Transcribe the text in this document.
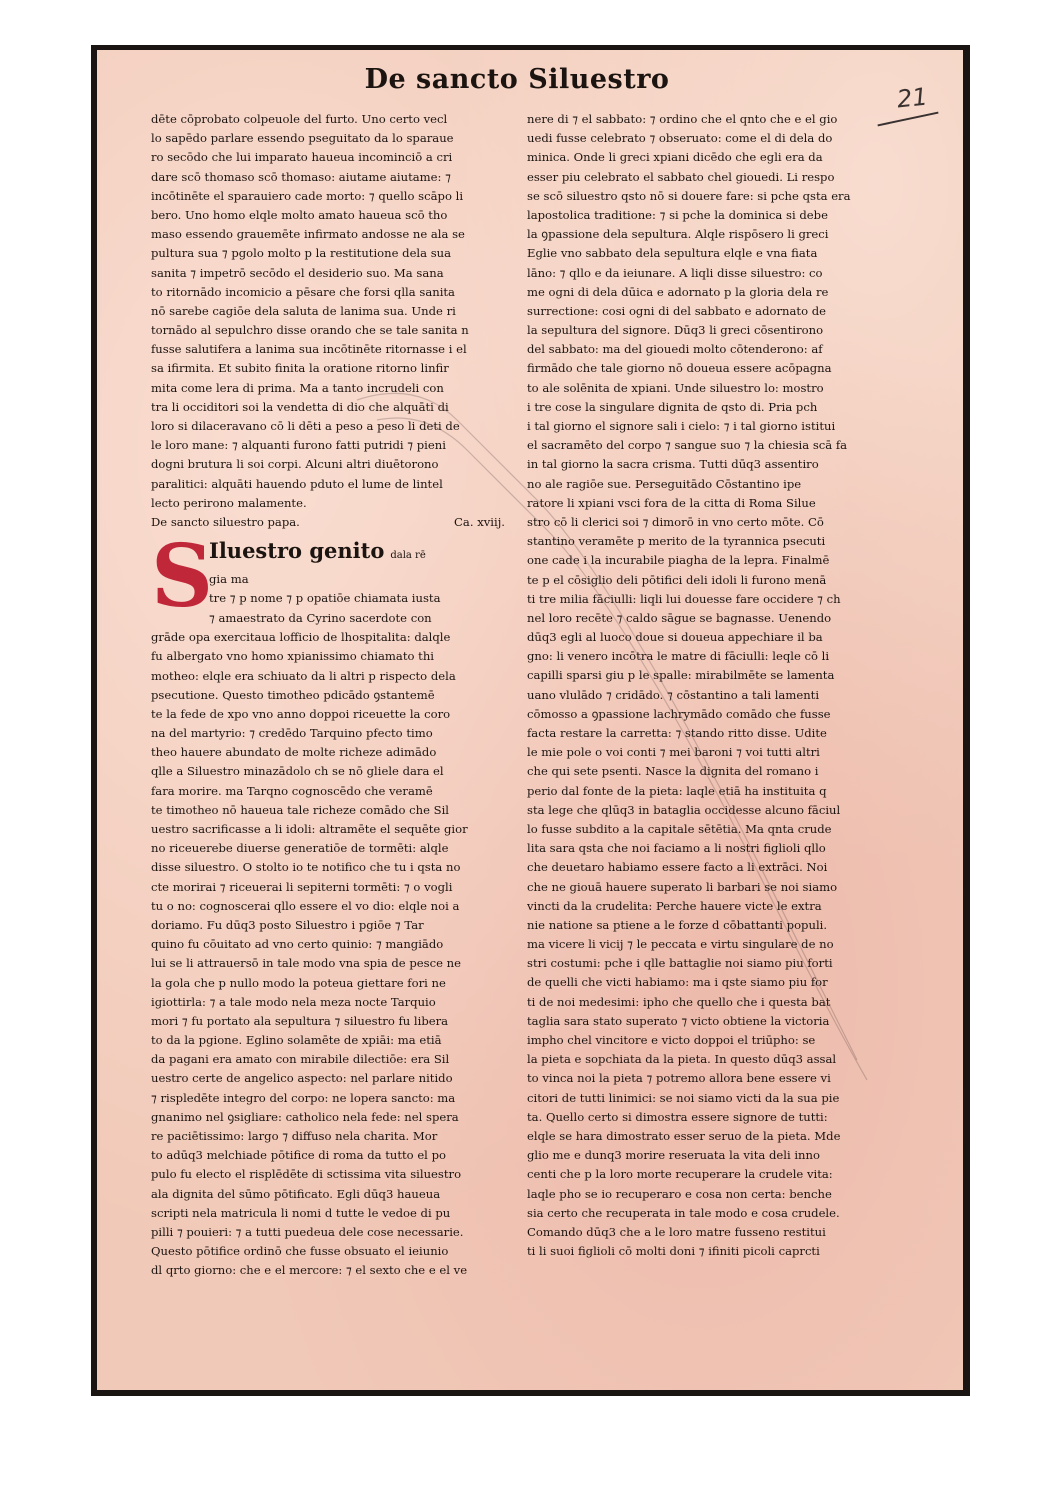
De sancto Siluestro
21
dēte cōprobato colpeuole del furto. Uno certo vecl
lo sapēdo parlare essendo pseguitato da lo sparaue
ro secōdo che lui imparato haueua incominciō a cri
dare scō thomaso scō thomaso: aiutame aiutame: ⁊
incōtinēte el sparauiero cade morto: ⁊ quello scāpo li
bero. Uno homo elqle molto amato haueua scō tho
maso essendo grauemēte infirmato andosse ne ala se
pultura sua ⁊ pgolo molto p la restitutione dela sua
sanita ⁊ impetrō secōdo el desiderio suo. Ma sana
to ritornādo incomicio a pēsare che forsi qlla sanita
nō sarebe cagiōe dela saluta de lanima sua. Unde ri
tornādo al sepulchro disse orando che se tale sanita n
fusse salutifera a lanima sua incōtinēte ritornasse i el
sa ifirmita. Et subito finita la oratione ritorno linfir
mita come lera di prima. Ma a tanto incrudeli con
tra li occiditori soi la vendetta di dio che alquāti di
loro si dilaceravano cō li dēti a peso a peso li deti de
le loro mane: ⁊ alquanti furono fatti putridi ⁊ pieni
dogni brutura li soi corpi. Alcuni altri diuētorono
paralitici: alquāti hauendo pduto el lume de lintel
lecto perirono malamente.
De sancto siluestro papa.	Ca. xviij.
S
Iluestro genito dala rē
gia ma
tre ⁊ p nome ⁊ p opatiōe chiamata iusta
⁊ amaestrato da Cyrino sacerdote con
grāde opa exercitaua lofficio de lhospitalita: dalqle
fu albergato vno homo xpianissimo chiamato thi
motheo: elqle era schiuato da li altri p rispecto dela
psecutione. Questo timotheo pdicādo ꝯstantemē
te la fede de xpo vno anno doppoi riceuette la coro
na del martyrio: ⁊ credēdo Tarquino pfecto timo
theo hauere abundato de molte richeze adimādo
qlle a Siluestro minazādolo ch se nō gliele dara el
fara morire. ma Tarqno cognoscēdo che veramē
te timotheo nō haueua tale richeze comādo che Sil
uestro sacrificasse a li idoli: altramēte el sequēte gior
no riceuerebe diuerse generatiōe de tormēti: alqle
disse siluestro. O stolto io te notifico che tu i qsta no
cte morirai ⁊ riceuerai li sepiterni tormēti: ⁊ o vogli
tu o no: cognoscerai qllo essere el vo dio: elqle noi a
doriamo. Fu dūq3 posto Siluestro i pgiōe ⁊ Tar
quino fu cōuitato ad vno certo quinio: ⁊ mangiādo
lui se li attrauersō in tale modo vna spia de pesce ne
la gola che p nullo modo la poteua giettare fori ne
igiottirla: ⁊ a tale modo nela meza nocte Tarquio
mori ⁊ fu portato ala sepultura ⁊ siluestro fu libera
to da la pgione. Eglino solamēte de xpiāi: ma etiā
da pagani era amato con mirabile dilectiōe: era Sil
uestro certe de angelico aspecto: nel parlare nitido
⁊ rispledēte integro del corpo: ne lopera sancto: ma
gnanimo nel ꝯsigliare: catholico nela fede: nel spera
re paciētissimo: largo ⁊ diffuso nela charita. Mor
to adūq3 melchiade pōtifice di roma da tutto el po
pulo fu electo el risplēdēte di sctissima vita siluestro
ala dignita del sūmo pōtificato. Egli dūq3 haueua
scripti nela matricula li nomi d tutte le vedoe di pu
pilli ⁊ pouieri: ⁊ a tutti puedeua dele cose necessarie.
Questo pōtifice ordinō che fusse obsuato el ieiunio
dl qrto giorno: che e el mercore: ⁊ el sexto che e el ve
nere di ⁊ el sabbato: ⁊ ordino che el qnto che e el gio
uedi fusse celebrato ⁊ obseruato: come el di dela do
minica. Onde li greci xpiani dicēdo che egli era da
esser piu celebrato el sabbato chel giouedi. Li respo
se scō siluestro qsto nō si douere fare: si pche qsta era
lapostolica traditione: ⁊ si pche la dominica si debe
la ꝯpassione dela sepultura. Alqle rispōsero li greci
Eglie vno sabbato dela sepultura elqle e vna fiata
lāno: ⁊ qllo e da ieiunare. A liqli disse siluestro: co
me ogni di dela dūica e adornato p la gloria dela re
surrectione: cosi ogni di del sabbato e adornato de
la sepultura del signore. Dūq3 li greci cōsentirono
del sabbato: ma del giouedi molto cōtenderono: af
firmādo che tale giorno nō doueua essere acōpagna
to ale solēnita de xpiani. Unde siluestro lo: mostro
i tre cose la singulare dignita de qsto di. Pria pch
i tal giorno el signore sali i cielo: ⁊ i tal giorno istitui
el sacramēto del corpo ⁊ sangue suo ⁊ la chiesia scā fa
in tal giorno la sacra crisma. Tutti dūq3 assentiro
no ale ragiōe sue. Perseguitādo Cōstantino ipe
ratore li xpiani vsci fora de la citta di Roma Silue
stro cō li clerici soi ⁊ dimorō in vno certo mōte. Cō
stantino veramēte p merito de la tyrannica psecuti
one cade i la incurabile piagha de la lepra. Finalmē
te p el cōsiglio deli pōtifici deli idoli li furono menā
ti tre milia fāciulli: liqli lui douesse fare occidere ⁊ ch
nel loro recēte ⁊ caldo sāgue se bagnasse. Uenendo
dūq3 egli al luoco doue si doueua appechiare il ba
gno: li venero incōtra le matre di fāciulli: leqle cō li
capilli sparsi giu p le spalle: mirabilmēte se lamenta
uano vlulādo ⁊ cridādo. ⁊ cōstantino a tali lamenti
cōmosso a ꝯpassione lachrymādo comādo che fusse
facta restare la carretta: ⁊ stando ritto disse. Udite
le mie pole o voi conti ⁊ mei baroni ⁊ voi tutti altri
che qui sete psenti. Nasce la dignita del romano i
perio dal fonte de la pieta: laqle etiā ha instituita q
sta lege che qlūq3 in bataglia occidesse alcuno fāciul
lo fusse subdito a la capitale sētētia. Ma qnta crude
lita sara qsta che noi faciamo a li nostri figlioli qllo
che deuetaro habiamo essere facto a li extrāci. Noi
che ne giouā hauere superato li barbari se noi siamo
vincti da la crudelita: Perche hauere victe le extra
nie natione sa ptiene a le forze d cōbattanti populi.
ma vicere li vicij ⁊ le peccata e virtu singulare de no
stri costumi: pche i qlle battaglie noi siamo piu forti
de quelli che victi habiamo: ma i qste siamo piu for
ti de noi medesimi: ipho che quello che i questa bat
taglia sara stato superato ⁊ victo obtiene la victoria
impho chel vincitore e victo doppoi el triūpho: se
la pieta e sopchiata da la pieta. In questo dūq3 assal
to vinca noi la pieta ⁊ potremo allora bene essere vi
citori de tutti linimici: se noi siamo victi da la sua pie
ta. Quello certo si dimostra essere signore de tutti:
elqle se hara dimostrato esser seruo de la pieta. Mde
glio me e dunq3 morire reseruata la vita deli inno
centi che p la loro morte recuperare la crudele vita:
laqle pho se io recuperaro e cosa non certa: benche
sia certo che recuperata in tale modo e cosa crudele.
Comando dūq3 che a le loro matre fusseno restitui
ti li suoi figlioli cō molti doni ⁊ ifiniti picoli caprcti
